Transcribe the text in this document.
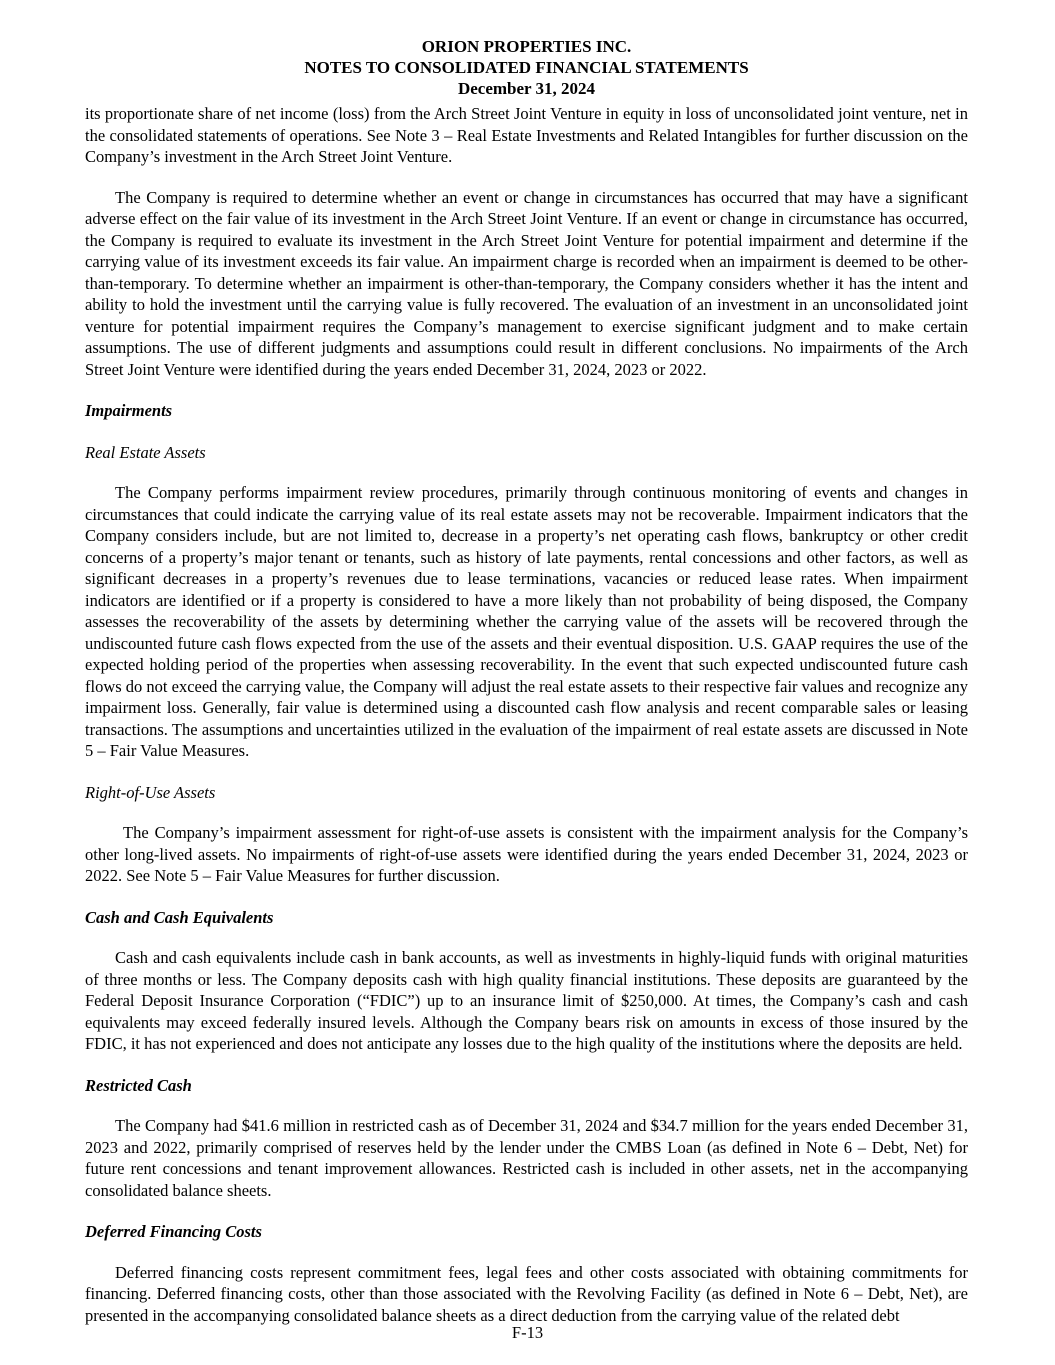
ORION PROPERTIES INC.
NOTES TO CONSOLIDATED FINANCIAL STATEMENTS
December 31, 2024

its proportionate share of net income (loss) from the Arch Street Joint Venture in equity in loss of unconsolidated joint venture, net in the consolidated statements of operations. See Note 3 – Real Estate Investments and Related Intangibles for further discussion on the Company’s investment in the Arch Street Joint Venture.

The Company is required to determine whether an event or change in circumstances has occurred that may have a significant adverse effect on the fair value of its investment in the Arch Street Joint Venture. If an event or change in circumstance has occurred, the Company is required to evaluate its investment in the Arch Street Joint Venture for potential impairment and determine if the carrying value of its investment exceeds its fair value. An impairment charge is recorded when an impairment is deemed to be other-than-temporary. To determine whether an impairment is other-than-temporary, the Company considers whether it has the intent and ability to hold the investment until the carrying value is fully recovered. The evaluation of an investment in an unconsolidated joint venture for potential impairment requires the Company’s management to exercise significant judgment and to make certain assumptions. The use of different judgments and assumptions could result in different conclusions. No impairments of the Arch Street Joint Venture were identified during the years ended December 31, 2024, 2023 or 2022.

Impairments
Real Estate Assets

The Company performs impairment review procedures, primarily through continuous monitoring of events and changes in circumstances that could indicate the carrying value of its real estate assets may not be recoverable. Impairment indicators that the Company considers include, but are not limited to, decrease in a property’s net operating cash flows, bankruptcy or other credit concerns of a property’s major tenant or tenants, such as history of late payments, rental concessions and other factors, as well as significant decreases in a property’s revenues due to lease terminations, vacancies or reduced lease rates. When impairment indicators are identified or if a property is considered to have a more likely than not probability of being disposed, the Company assesses the recoverability of the assets by determining whether the carrying value of the assets will be recovered through the undiscounted future cash flows expected from the use of the assets and their eventual disposition. U.S. GAAP requires the use of the expected holding period of the properties when assessing recoverability. In the event that such expected undiscounted future cash flows do not exceed the carrying value, the Company will adjust the real estate assets to their respective fair values and recognize any impairment loss. Generally, fair value is determined using a discounted cash flow analysis and recent comparable sales or leasing transactions. The assumptions and uncertainties utilized in the evaluation of the impairment of real estate assets are discussed in Note 5 – Fair Value Measures.

Right-of-Use Assets

The Company’s impairment assessment for right-of-use assets is consistent with the impairment analysis for the Company’s other long-lived assets. No impairments of right-of-use assets were identified during the years ended December 31, 2024, 2023 or 2022. See Note 5 – Fair Value Measures for further discussion.

Cash and Cash Equivalents

Cash and cash equivalents include cash in bank accounts, as well as investments in highly-liquid funds with original maturities of three months or less. The Company deposits cash with high quality financial institutions. These deposits are guaranteed by the Federal Deposit Insurance Corporation (“FDIC”) up to an insurance limit of $250,000. At times, the Company’s cash and cash equivalents may exceed federally insured levels. Although the Company bears risk on amounts in excess of those insured by the FDIC, it has not experienced and does not anticipate any losses due to the high quality of the institutions where the deposits are held.

Restricted Cash

The Company had $41.6 million in restricted cash as of December 31, 2024 and $34.7 million for the years ended December 31, 2023 and 2022, primarily comprised of reserves held by the lender under the CMBS Loan (as defined in Note 6 – Debt, Net) for future rent concessions and tenant improvement allowances. Restricted cash is included in other assets, net in the accompanying consolidated balance sheets.

Deferred Financing Costs

Deferred financing costs represent commitment fees, legal fees and other costs associated with obtaining commitments for financing. Deferred financing costs, other than those associated with the Revolving Facility (as defined in Note 6 – Debt, Net), are presented in the accompanying consolidated balance sheets as a direct deduction from the carrying value of the related debt

F-13
